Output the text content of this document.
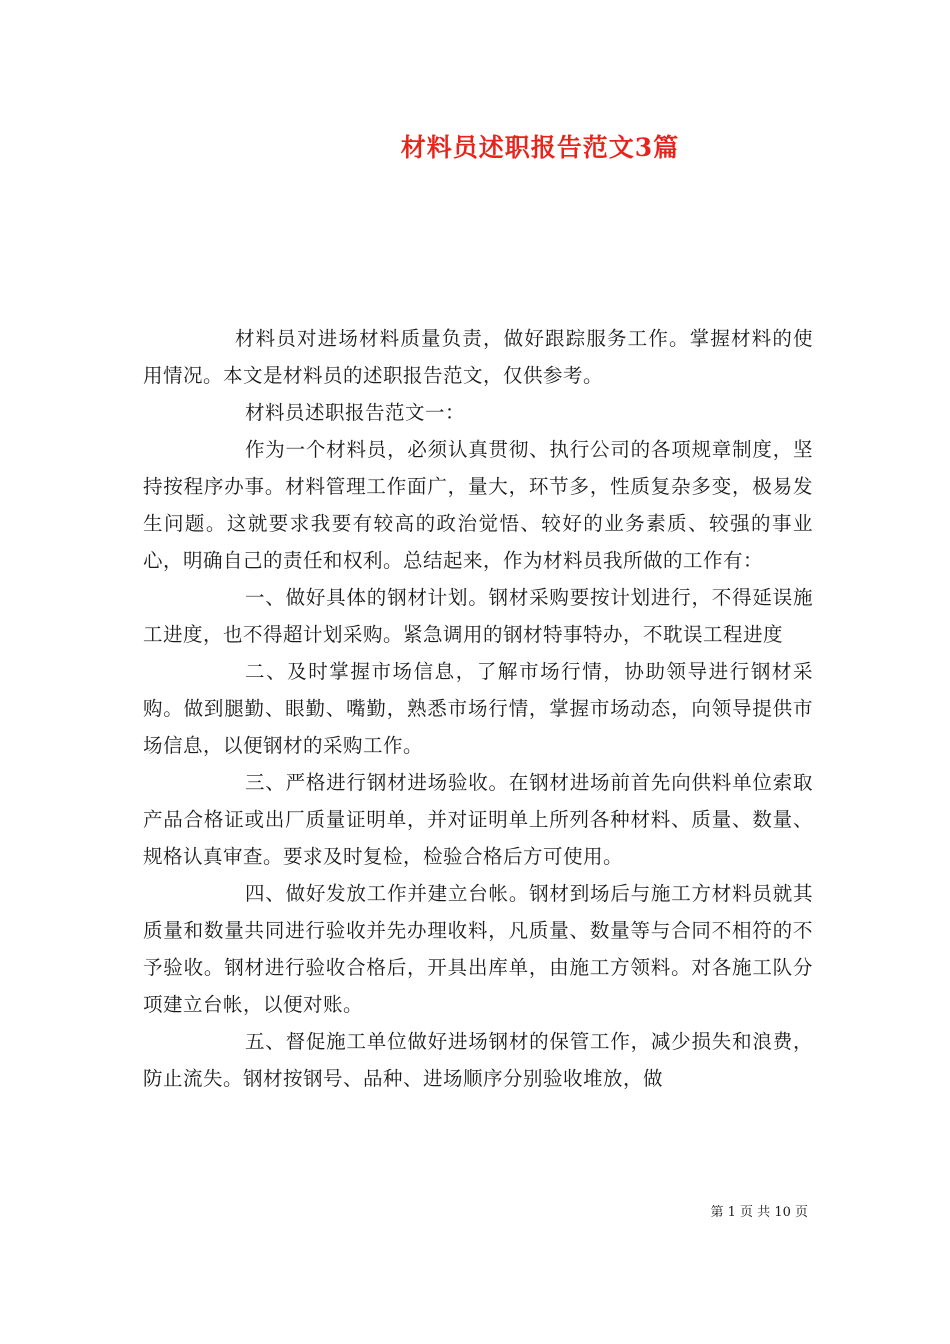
材料员述职报告范文3篇

材料员对进场材料质量负责，做好跟踪服务工作。掌握材料的使用情况。本文是材料员的述职报告范文，仅供参考。

材料员述职报告范文一：

作为一个材料员，必须认真贯彻、执行公司的各项规章制度，坚持按程序办事。材料管理工作面广，量大，环节多，性质复杂多变，极易发生问题。这就要求我要有较高的政治觉悟、较好的业务素质、较强的事业心，明确自己的责任和权利。总结起来，作为材料员我所做的工作有：

一、做好具体的钢材计划。钢材采购要按计划进行，不得延误施工进度，也不得超计划采购。紧急调用的钢材特事特办，不耽误工程进度

二、及时掌握市场信息，了解市场行情，协助领导进行钢材采购。做到腿勤、眼勤、嘴勤，熟悉市场行情，掌握市场动态，向领导提供市场信息，以便钢材的采购工作。

三、严格进行钢材进场验收。在钢材进场前首先向供料单位索取产品合格证或出厂质量证明单，并对证明单上所列各种材料、质量、数量、规格认真审查。要求及时复检，检验合格后方可使用。

四、做好发放工作并建立台帐。钢材到场后与施工方材料员就其质量和数量共同进行验收并先办理收料，凡质量、数量等与合同不相符的不予验收。钢材进行验收合格后，开具出库单，由施工方领料。对各施工队分项建立台帐，以便对账。

五、督促施工单位做好进场钢材的保管工作，减少损失和浪费，防止流失。钢材按钢号、品种、进场顺序分别验收堆放，做

第 1 页 共 10 页
